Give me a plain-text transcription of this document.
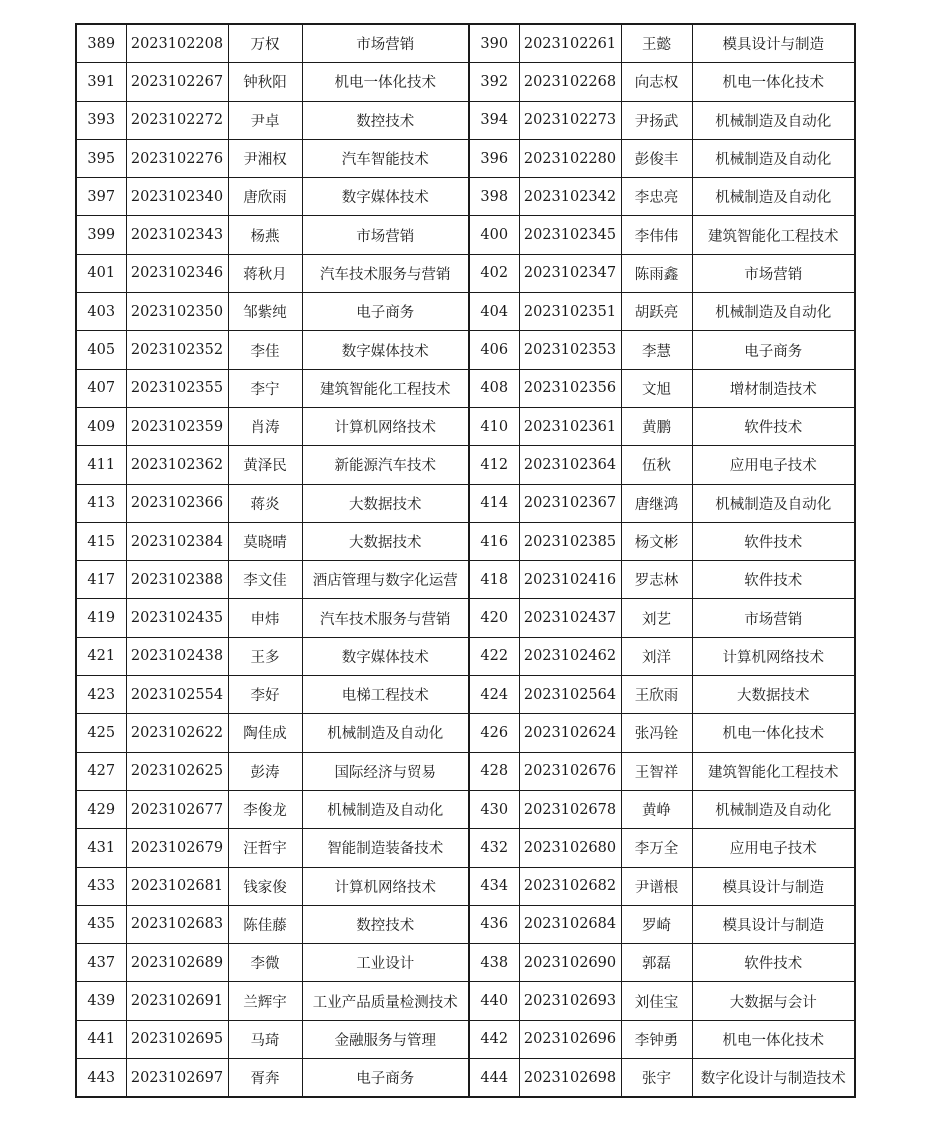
389	2023102208	万权	市场营销	390	2023102261	王懿	模具设计与制造
391	2023102267	钟秋阳	机电一体化技术	392	2023102268	向志权	机电一体化技术
393	2023102272	尹卓	数控技术	394	2023102273	尹扬武	机械制造及自动化
395	2023102276	尹湘权	汽车智能技术	396	2023102280	彭俊丰	机械制造及自动化
397	2023102340	唐欣雨	数字媒体技术	398	2023102342	李忠亮	机械制造及自动化
399	2023102343	杨燕	市场营销	400	2023102345	李伟伟	建筑智能化工程技术
401	2023102346	蒋秋月	汽车技术服务与营销	402	2023102347	陈雨鑫	市场营销
403	2023102350	邹紫纯	电子商务	404	2023102351	胡跃亮	机械制造及自动化
405	2023102352	李佳	数字媒体技术	406	2023102353	李慧	电子商务
407	2023102355	李宁	建筑智能化工程技术	408	2023102356	文旭	增材制造技术
409	2023102359	肖涛	计算机网络技术	410	2023102361	黄鹏	软件技术
411	2023102362	黄泽民	新能源汽车技术	412	2023102364	伍秋	应用电子技术
413	2023102366	蒋炎	大数据技术	414	2023102367	唐继鸿	机械制造及自动化
415	2023102384	莫晓晴	大数据技术	416	2023102385	杨文彬	软件技术
417	2023102388	李文佳	酒店管理与数字化运营	418	2023102416	罗志林	软件技术
419	2023102435	申炜	汽车技术服务与营销	420	2023102437	刘艺	市场营销
421	2023102438	王多	数字媒体技术	422	2023102462	刘洋	计算机网络技术
423	2023102554	李好	电梯工程技术	424	2023102564	王欣雨	大数据技术
425	2023102622	陶佳成	机械制造及自动化	426	2023102624	张冯铨	机电一体化技术
427	2023102625	彭涛	国际经济与贸易	428	2023102676	王智祥	建筑智能化工程技术
429	2023102677	李俊龙	机械制造及自动化	430	2023102678	黄峥	机械制造及自动化
431	2023102679	汪哲宇	智能制造装备技术	432	2023102680	李万全	应用电子技术
433	2023102681	钱家俊	计算机网络技术	434	2023102682	尹谱根	模具设计与制造
435	2023102683	陈佳藤	数控技术	436	2023102684	罗崎	模具设计与制造
437	2023102689	李微	工业设计	438	2023102690	郭磊	软件技术
439	2023102691	兰辉宇	工业产品质量检测技术	440	2023102693	刘佳宝	大数据与会计
441	2023102695	马琦	金融服务与管理	442	2023102696	李钟勇	机电一体化技术
443	2023102697	胥奔	电子商务	444	2023102698	张宇	数字化设计与制造技术
